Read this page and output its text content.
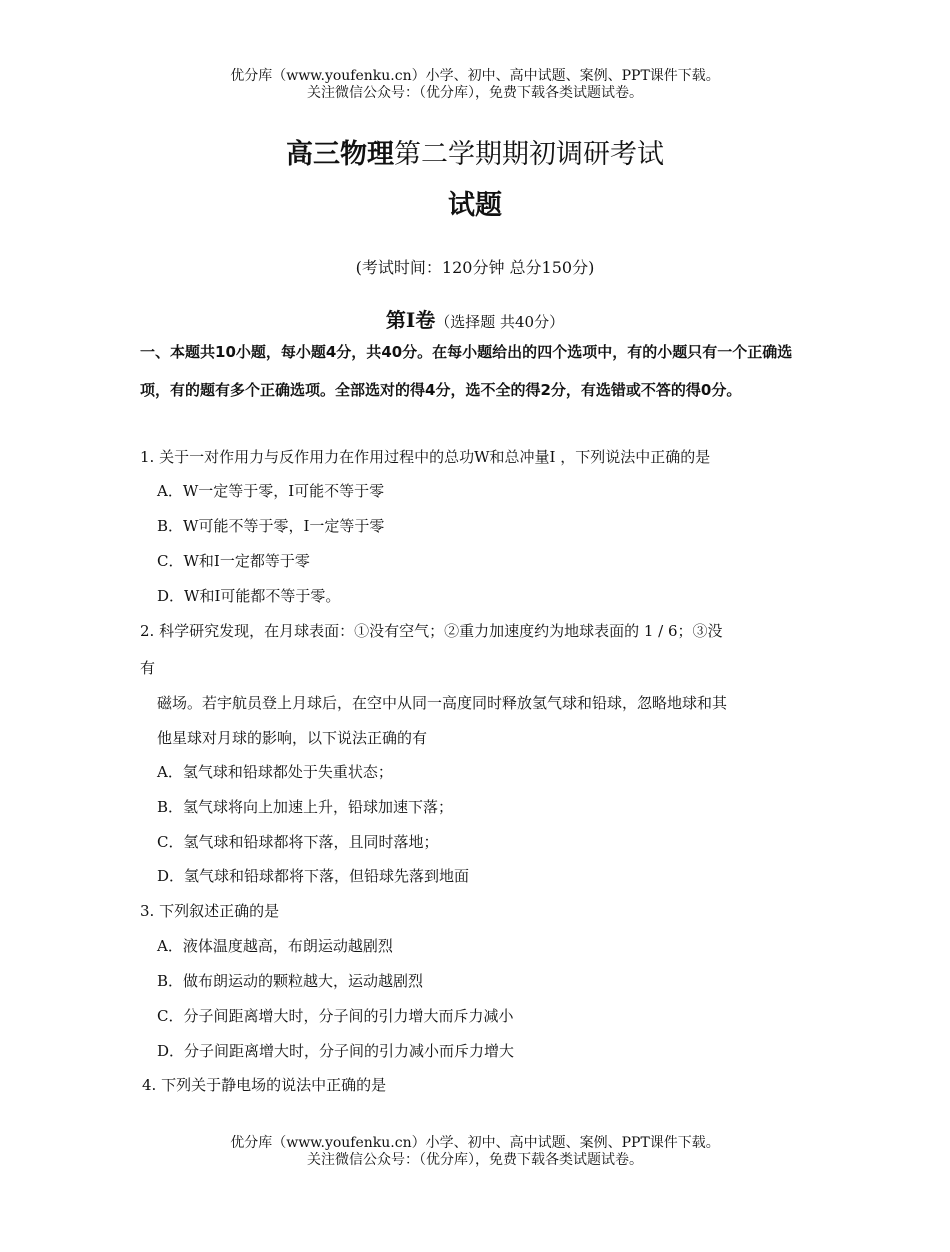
优分库（www.youfenku.cn）小学、初中、高中试题、案例、PPT课件下载。
关注微信公众号：（优分库），免费下载各类试题试卷。
高三物理第二学期期初调研考试
试题
(考试时间：120分钟 总分150分)
第I卷（选择题 共40分）

一、本题共10小题，每小题4分，共40分。在每小题给出的四个选项中，有的小题只有一个正确选项，有的题有多个正确选项。全部选对的得4分，选不全的得2分，有选错或不答的得0分。

1. 关于一对作用力与反作用力在作用过程中的总功W和总冲量I ，下列说法中正确的是
A．W一定等于零，I可能不等于零
B．W可能不等于零，I一定等于零
C．W和I一定都等于零
D．W和I可能都不等于零。
2. 科学研究发现，在月球表面：①没有空气；②重力加速度约为地球表面的 1 / 6；③没
有
磁场。若宇航员登上月球后，在空中从同一高度同时释放氢气球和铅球，忽略地球和其
他星球对月球的影响，以下说法正确的有
A．氢气球和铅球都处于失重状态；
B．氢气球将向上加速上升，铅球加速下落；
C．氢气球和铅球都将下落，且同时落地；
D．氢气球和铅球都将下落，但铅球先落到地面
3. 下列叙述正确的是
A．液体温度越高，布朗运动越剧烈
B．做布朗运动的颗粒越大，运动越剧烈
C．分子间距离增大时，分子间的引力增大而斥力减小
D．分子间距离增大时，分子间的引力减小而斥力增大
4. 下列关于静电场的说法中正确的是
优分库（www.youfenku.cn）小学、初中、高中试题、案例、PPT课件下载。
关注微信公众号：（优分库），免费下载各类试题试卷。
